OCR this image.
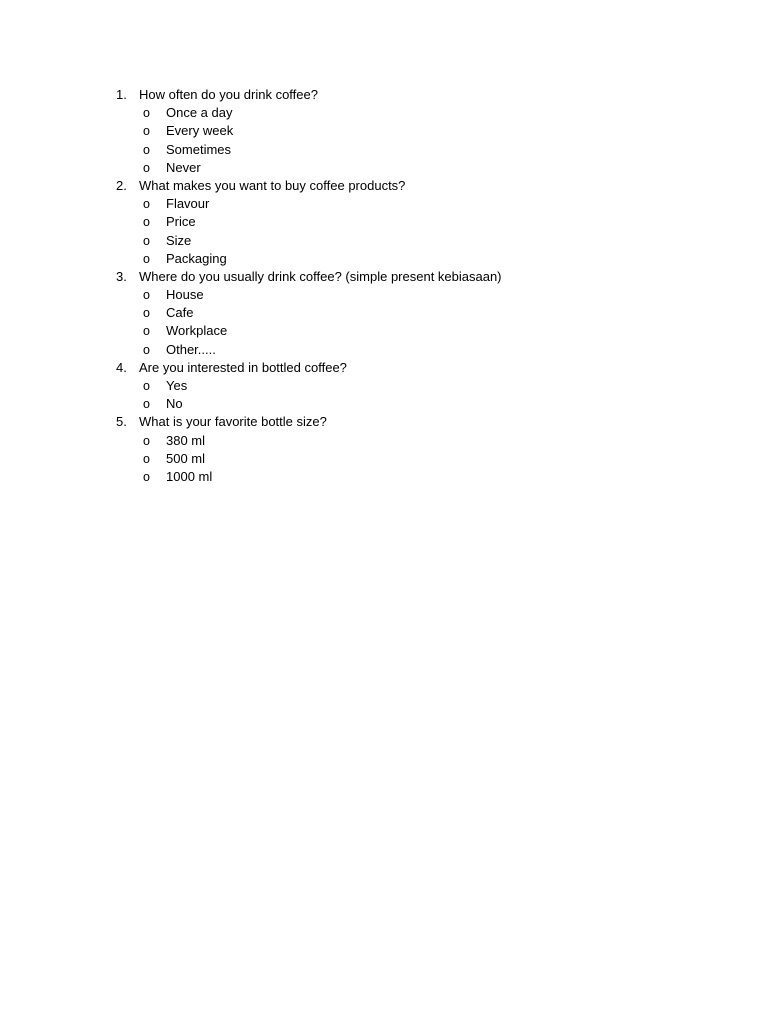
1. How often do you drink coffee?
o	Once a day
o	Every week
o	Sometimes
o	Never
2. What makes you want to buy coffee products?
o	Flavour
o	Price
o	Size
o	Packaging
3. Where do you usually drink coffee? (simple present kebiasaan)
o	House
o	Cafe
o	Workplace
o	Other.....
4. Are you interested in bottled coffee?
o	Yes
o	No
5. What is your favorite bottle size?
o	380 ml
o	500 ml
o	1000 ml
